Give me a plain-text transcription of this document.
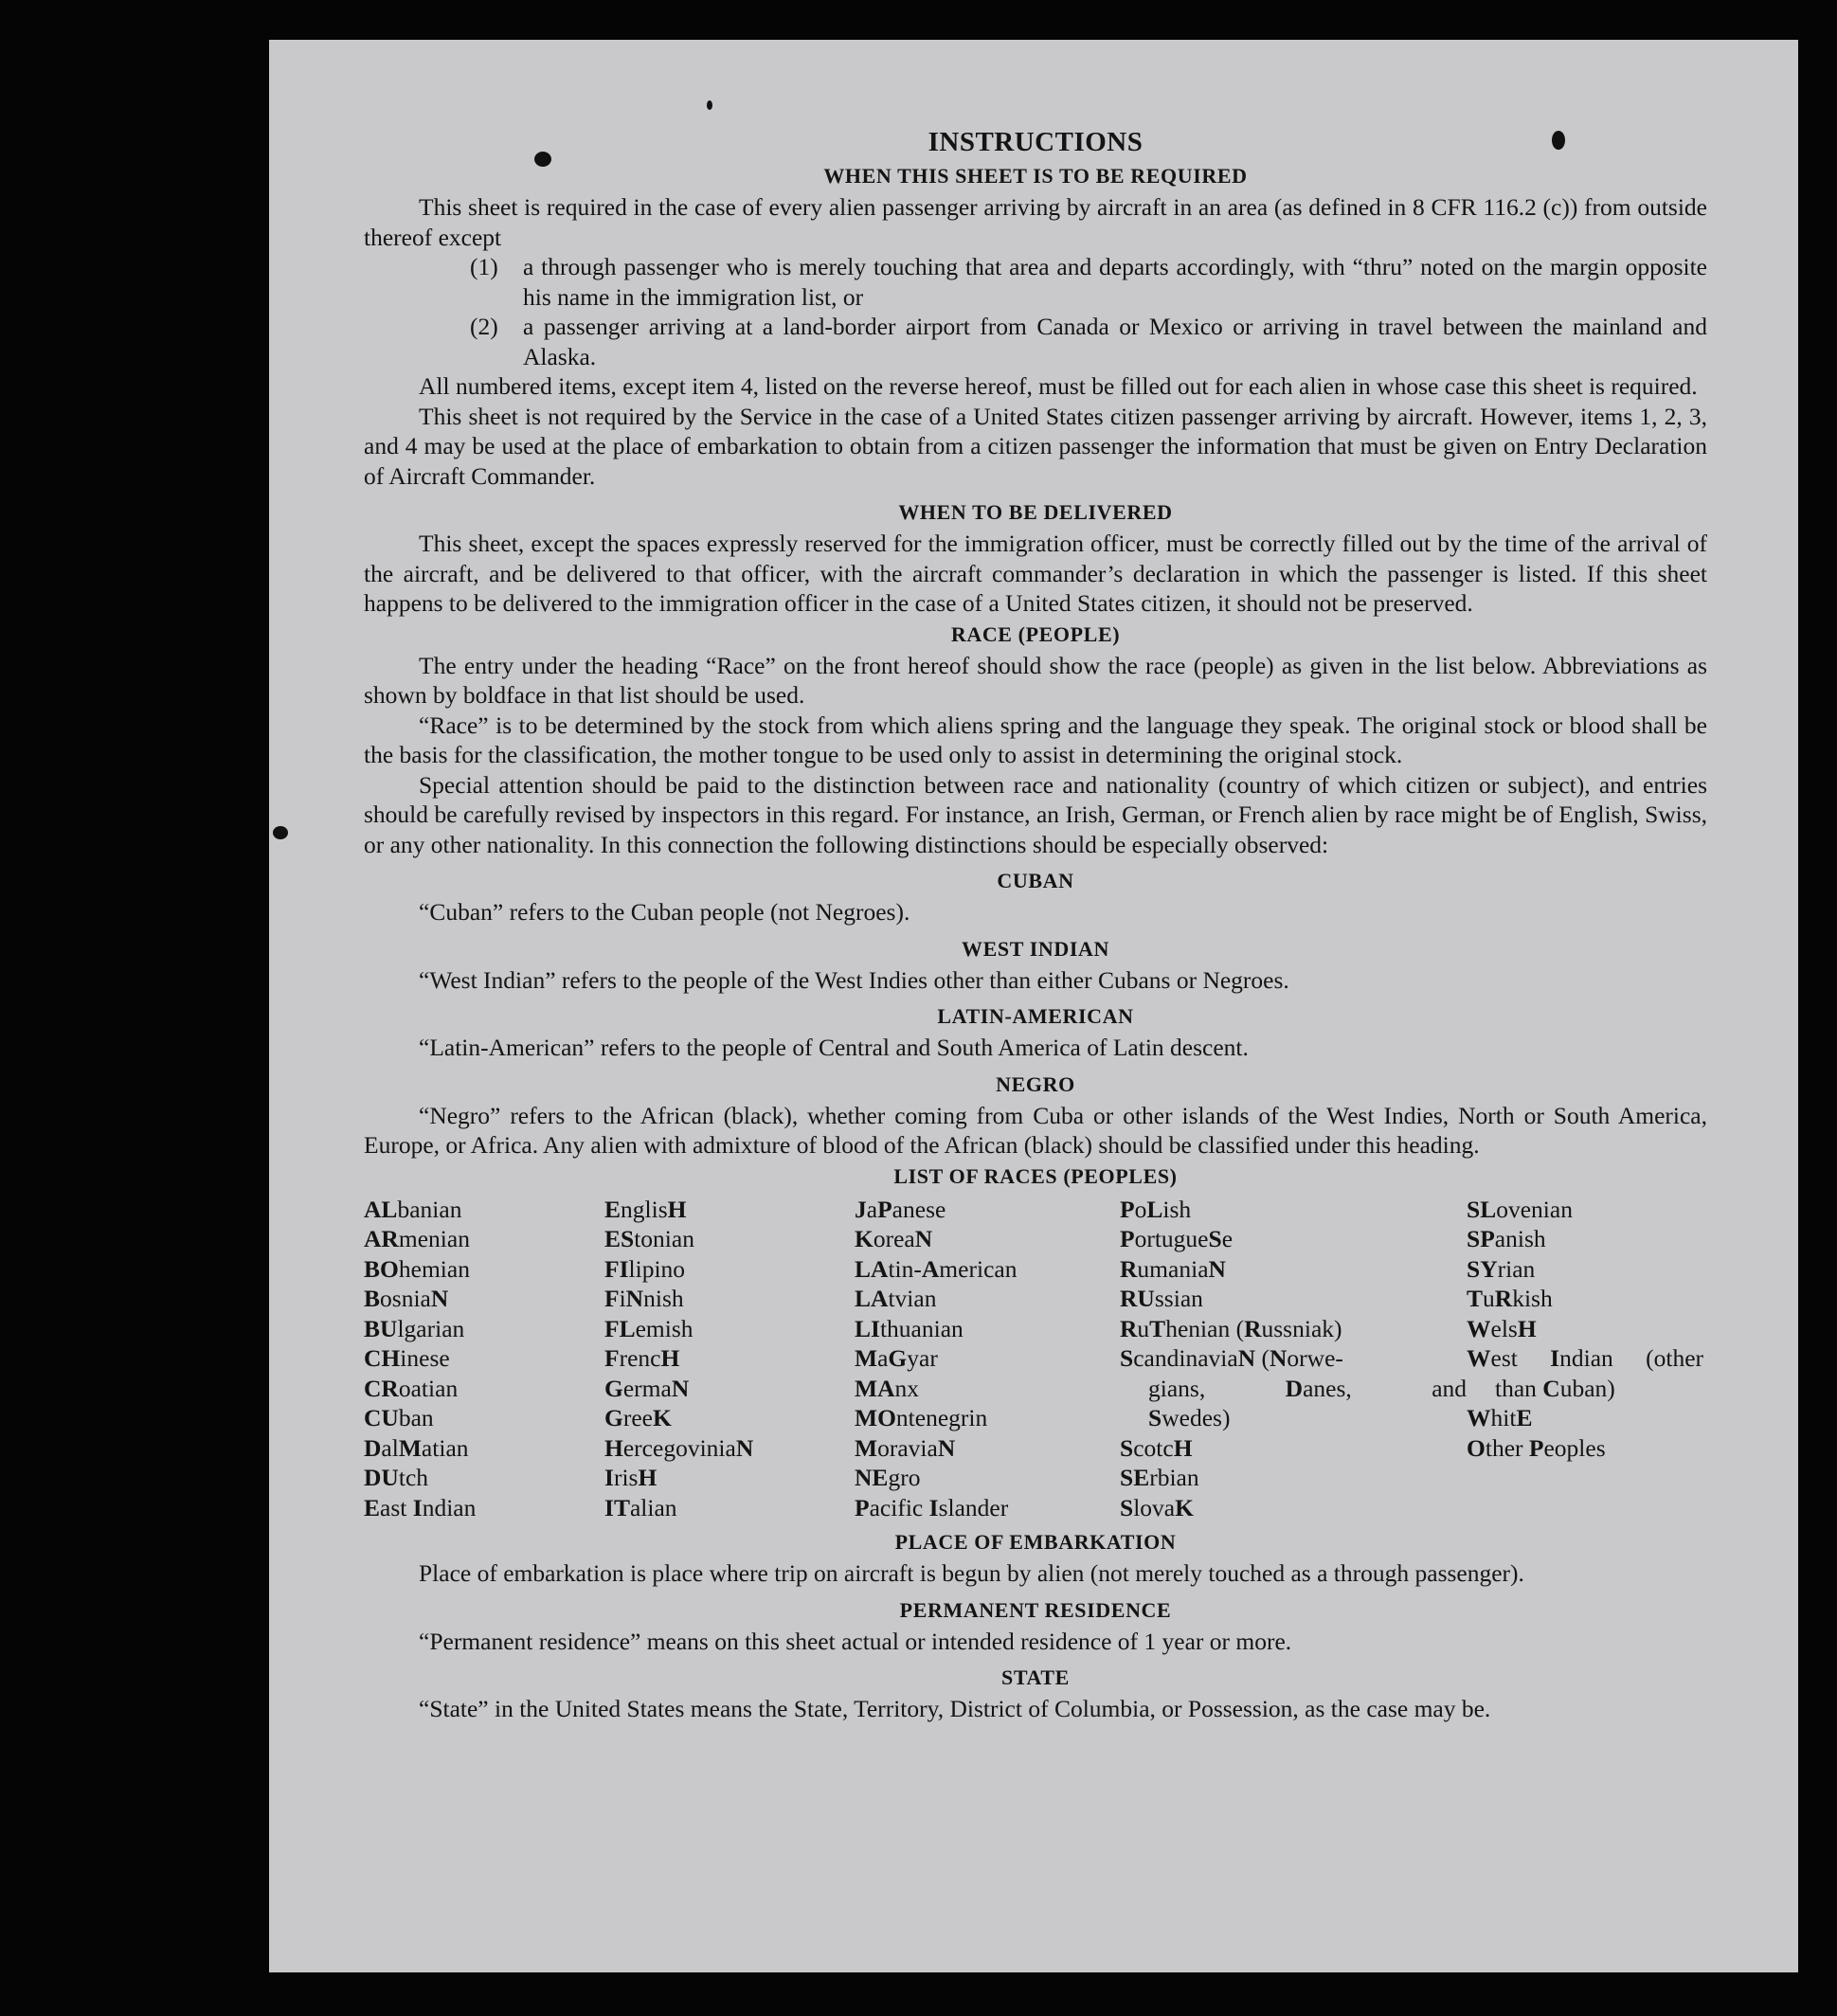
INSTRUCTIONS
WHEN THIS SHEET IS TO BE REQUIRED

This sheet is required in the case of every alien passenger arriving by aircraft in an area (as defined in 8 CFR 116.2 (c)) from outside thereof except

(1) a through passenger who is merely touching that area and departs accordingly, with “thru” noted on the margin opposite his name in the immigration list, or
(2) a passenger arriving at a land-border airport from Canada or Mexico or arriving in travel between the mainland and Alaska.

All numbered items, except item 4, listed on the reverse hereof, must be filled out for each alien in whose case this sheet is required.

This sheet is not required by the Service in the case of a United States citizen passenger arriving by aircraft. However, items 1, 2, 3, and 4 may be used at the place of embarkation to obtain from a citizen passenger the information that must be given on Entry Declaration of Aircraft Commander.

WHEN TO BE DELIVERED

This sheet, except the spaces expressly reserved for the immigration officer, must be correctly filled out by the time of the arrival of the aircraft, and be delivered to that officer, with the aircraft commander’s declaration in which the passenger is listed. If this sheet happens to be delivered to the immigration officer in the case of a United States citizen, it should not be preserved.

RACE (PEOPLE)

The entry under the heading “Race” on the front hereof should show the race (people) as given in the list below. Abbreviations as shown by boldface in that list should be used.

“Race” is to be determined by the stock from which aliens spring and the language they speak. The original stock or blood shall be the basis for the classification, the mother tongue to be used only to assist in determining the original stock.

Special attention should be paid to the distinction between race and nationality (country of which citizen or subject), and entries should be carefully revised by inspectors in this regard. For instance, an Irish, German, or French alien by race might be of English, Swiss, or any other nationality. In this connection the following distinctions should be especially observed:

CUBAN

“Cuban” refers to the Cuban people (not Negroes).

WEST INDIAN

“West Indian” refers to the people of the West Indies other than either Cubans or Negroes.

LATIN-AMERICAN

“Latin-American” refers to the people of Central and South America of Latin descent.

NEGRO

“Negro” refers to the African (black), whether coming from Cuba or other islands of the West Indies, North or South America, Europe, or Africa. Any alien with admixture of blood of the African (black) should be classified under this heading.

LIST OF RACES (PEOPLES)
ALbanian
ARmenian
BOhemian
BosniaN
BUlgarian
CHinese
CRoatian
CUban
DalMatian
DUtch
East Indian
EnglisH
EStonian
FIlipino
FiNnish
FLemish
FrencH
GermaN
GreeK
HercegoviniaN
IrisH
ITalian
JaPanese
KoreaN
LAtin-American
LAtvian
LIthuanian
MaGyar
MAnx
MOntenegrin
MoraviaN
NEgro
Pacific Islander
PoLish
PortugueSe
RumaniaN
RUssian
RuThenian (Russniak)
ScandinaviaN (Norwe-
gians,	Danes,	and
Swedes)
ScotcH
SErbian
SlovaK
SLovenian
SPanish
SYrian
TuRkish
WelsH
West Indian (other
than Cuban)
WhitE
Other Peoples
PLACE OF EMBARKATION

Place of embarkation is place where trip on aircraft is begun by alien (not merely touched as a through passenger).

PERMANENT RESIDENCE

“Permanent residence” means on this sheet actual or intended residence of 1 year or more.

STATE

“State” in the United States means the State, Territory, District of Columbia, or Possession, as the case may be.
